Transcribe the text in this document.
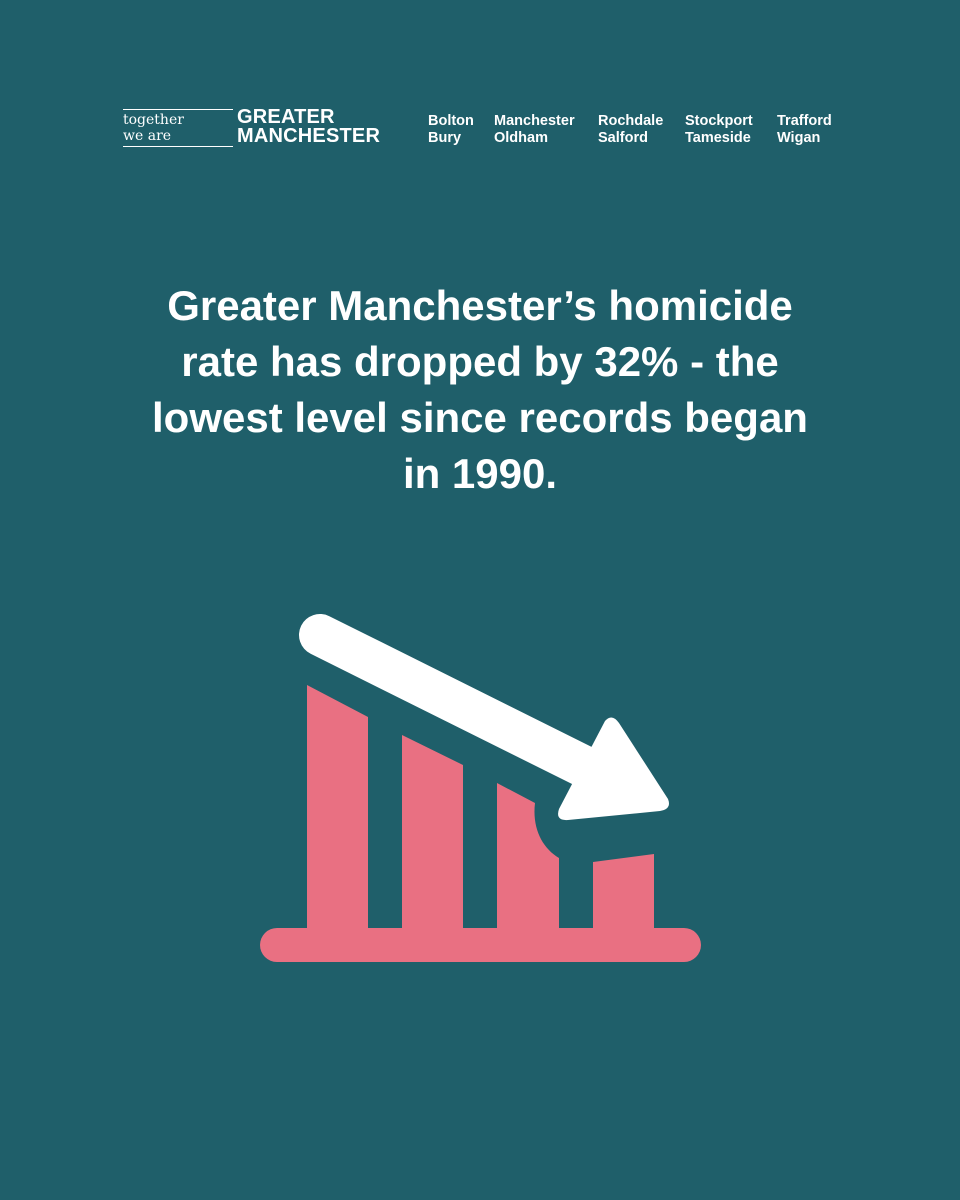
together
we are
GREATER
MANCHESTER
Bolton
Bury
Manchester
Oldham
Rochdale
Salford
Stockport
Tameside
Trafford
Wigan
Greater Manchester’s homicide
rate has dropped by 32% - the
lowest level since records began
in 1990.
